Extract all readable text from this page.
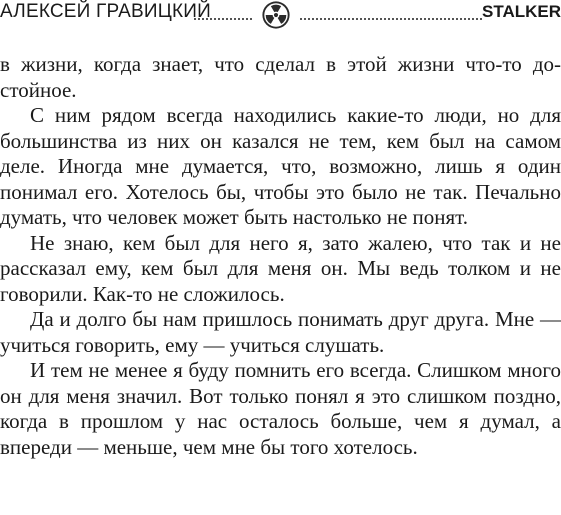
АЛЕКСЕЙ ГРАВИЦКИЙ	STALKER

в жизни, когда знает, что сделал в этой жизни что-то достойное.

С ним рядом всегда находились какие-то люди, но для большинства из них он казался не тем, кем был на самом деле. Иногда мне думается, что, возможно, лишь я один понимал его. Хотелось бы, чтобы это было не так. Печально думать, что человек может быть настолько не понят.

Не знаю, кем был для него я, зато жалею, что так и не рассказал ему, кем был для меня он. Мы ведь толком и не говорили. Как-то не сложилось.

Да и долго бы нам пришлось понимать друг друга. Мне — учиться говорить, ему — учиться слушать.

И тем не менее я буду помнить его всегда. Слишком много он для меня значил. Вот только понял я это слишком поздно, когда в прошлом у нас осталось больше, чем я думал, а впереди — меньше, чем мне бы того хотелось.
